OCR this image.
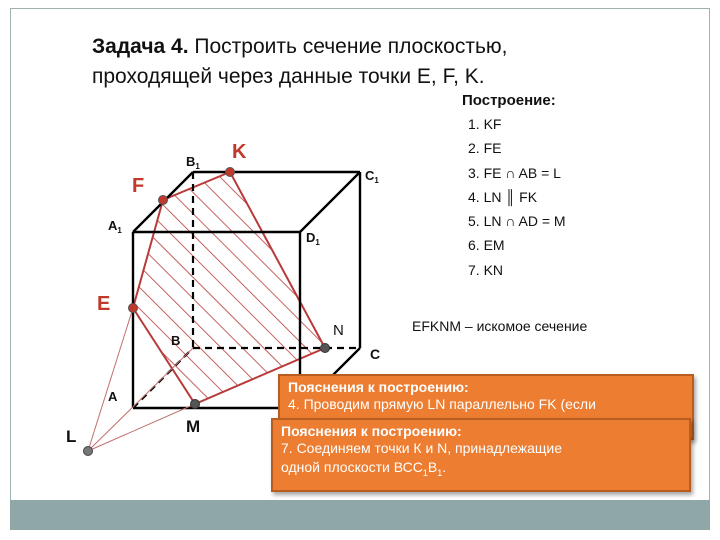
Задача 4. Построить сечение плоскостью, проходящей через данные точки E, F, K.
$B_1$
$C_1$
$A_1$	$D_1$
K
F
E
B
N
C
A
M
L
Построение:
1. KF
2. FE
3. FE ∩ AB = L
4. LN ║ FK
5. LN ∩ AD = M
6. EM
7. KN
EFKNM – искомое сечение
Пояснения к построению:
4. Проводим прямую LN параллельно FK (если
Пояснения к построению:
7. Соединяем точки К и N, принадлежащие
одной плоскости $ВСС_1В_1$.
